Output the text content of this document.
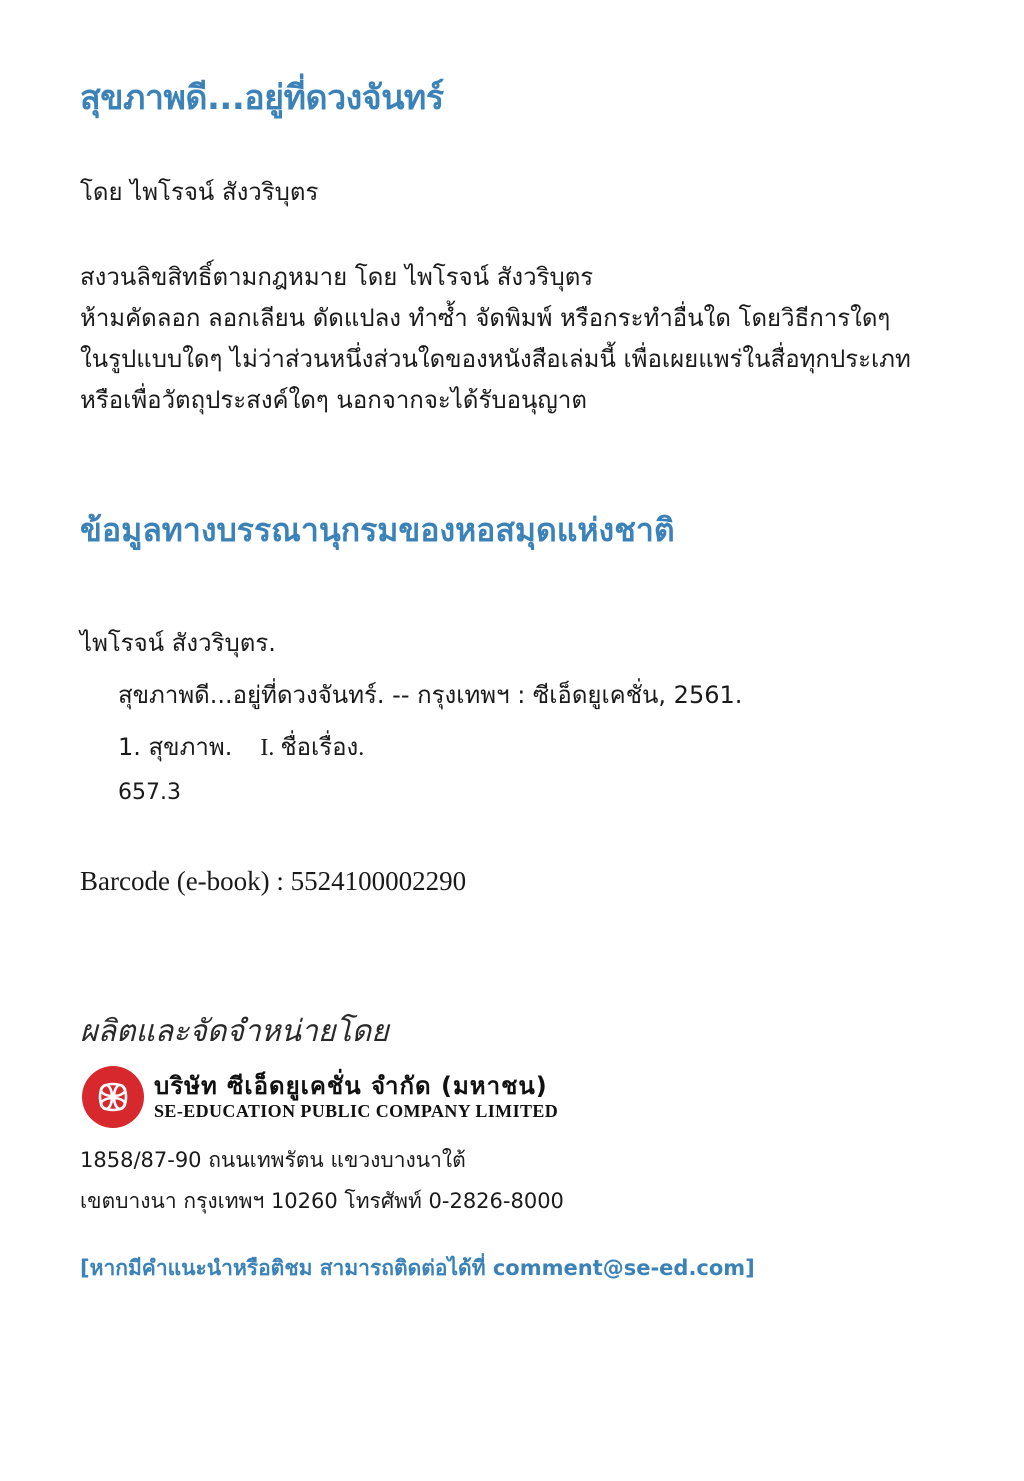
สุขภาพดี...อยู่ที่ดวงจันทร์
โดย ไพโรจน์ สังวริบุตร
สงวนลิขสิทธิ์ตามกฎหมาย โดย ไพโรจน์ สังวริบุตร
ห้ามคัดลอก ลอกเลียน ดัดแปลง ทำซ้ำ จัดพิมพ์ หรือกระทำอื่นใด โดยวิธีการใดๆ
ในรูปแบบใดๆ ไม่ว่าส่วนหนึ่งส่วนใดของหนังสือเล่มนี้ เพื่อเผยแพร่ในสื่อทุกประเภท
หรือเพื่อวัตถุประสงค์ใดๆ นอกจากจะได้รับอนุญาต
ข้อมูลทางบรรณานุกรมของหอสมุดแห่งชาติ
ไพโรจน์ สังวริบุตร.
สุขภาพดี...อยู่ที่ดวงจันทร์. -- กรุงเทพฯ : ซีเอ็ดยูเคชั่น, 2561.
1. สุขภาพ. I. ชื่อเรื่อง.
657.3
Barcode (e-book) : 5524100002290
ผลิตและจัดจำหน่ายโดย
บริษัท ซีเอ็ดยูเคชั่น จำกัด (มหาชน)
SE-EDUCATION PUBLIC COMPANY LIMITED
1858/87-90 ถนนเทพรัตน แขวงบางนาใต้
เขตบางนา กรุงเทพฯ 10260 โทรศัพท์ 0-2826-8000
[หากมีคำแนะนำหรือติชม สามารถติดต่อได้ที่ comment@se-ed.com]
